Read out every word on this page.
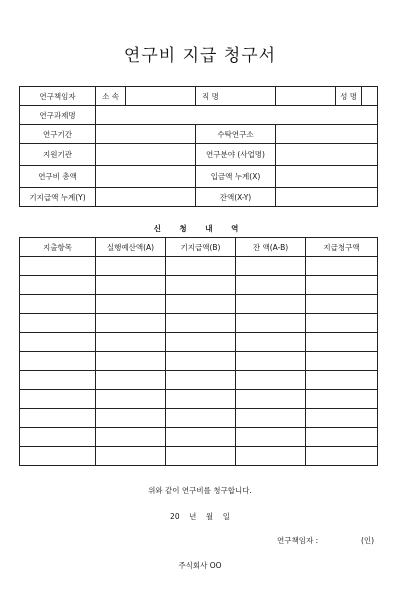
연구비 지급 청구서
연구책임자	소 속		직 명		성 명	
연구과제명						
연구기간			수탁연구소			
지원기관			연구분야 (사업명)			
연구비 총액			입금액 누계(X)			
기지급액 누계(Y)			잔액(X-Y)			
신 청 내 역
지출항목	실행예산액(A)	기지급액(B)	잔 액(A-B)	지급청구액

위와 같이 연구비를 청구합니다.
20    년    월    일
연구책임자 :	(인)
주식회사 OO
